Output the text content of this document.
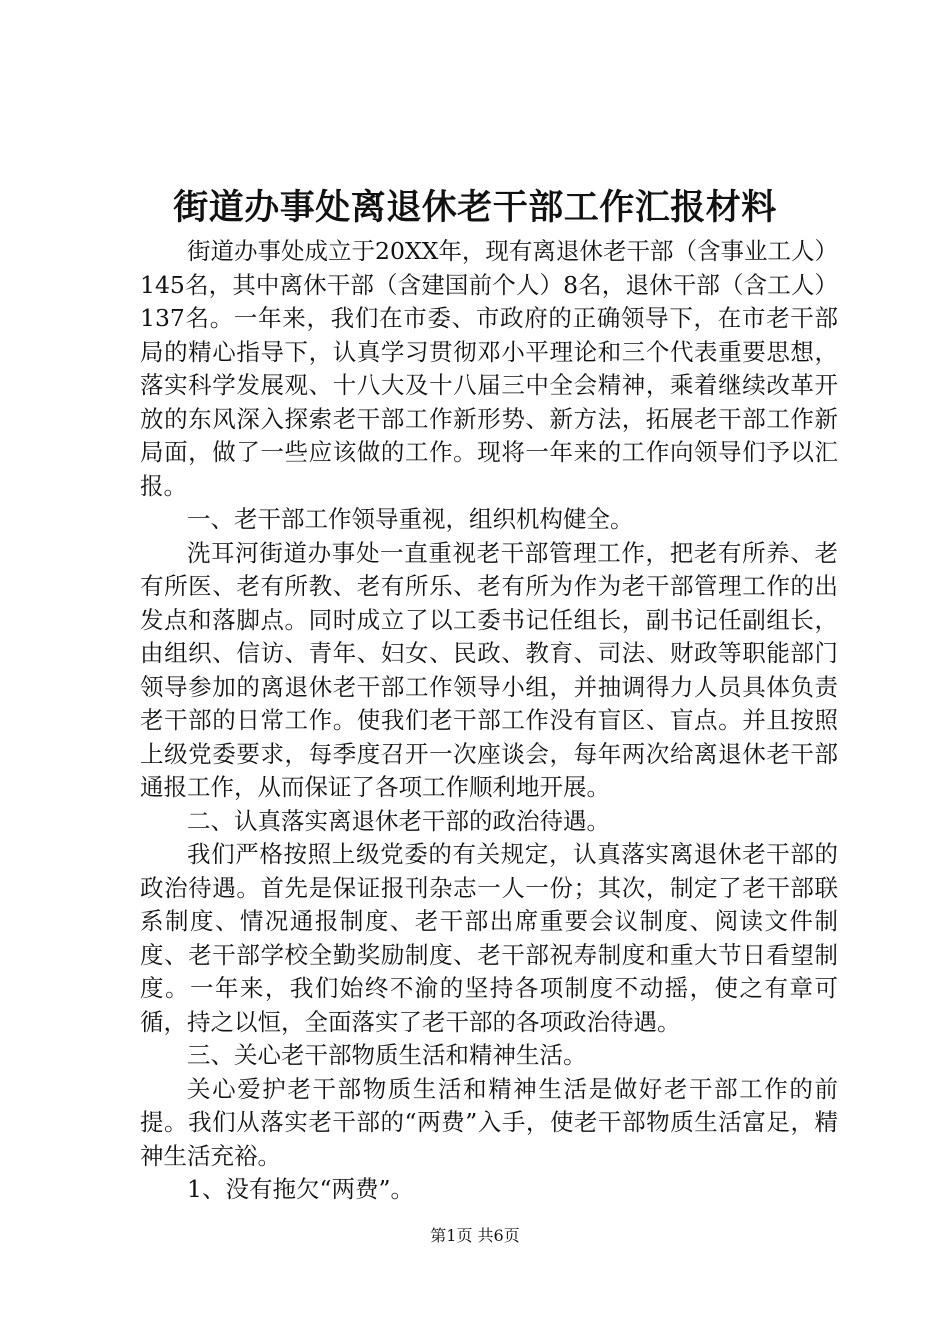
街道办事处离退休老干部工作汇报材料

街道办事处成立于20XX年，现有离退休老干部（含事业工人）145名，其中离休干部（含建国前个人）8名，退休干部（含工人）137名。一年来，我们在市委、市政府的正确领导下，在市老干部局的精心指导下，认真学习贯彻邓小平理论和三个代表重要思想，落实科学发展观、十八大及十八届三中全会精神，乘着继续改革开放的东风深入探索老干部工作新形势、新方法，拓展老干部工作新局面，做了一些应该做的工作。现将一年来的工作向领导们予以汇报。

一、老干部工作领导重视，组织机构健全。

洗耳河街道办事处一直重视老干部管理工作，把老有所养、老有所医、老有所教、老有所乐、老有所为作为老干部管理工作的出发点和落脚点。同时成立了以工委书记任组长，副书记任副组长，由组织、信访、青年、妇女、民政、教育、司法、财政等职能部门领导参加的离退休老干部工作领导小组，并抽调得力人员具体负责老干部的日常工作。使我们老干部工作没有盲区、盲点。并且按照上级党委要求，每季度召开一次座谈会，每年两次给离退休老干部通报工作，从而保证了各项工作顺利地开展。

二、认真落实离退休老干部的政治待遇。

我们严格按照上级党委的有关规定，认真落实离退休老干部的政治待遇。首先是保证报刊杂志一人一份；其次，制定了老干部联系制度、情况通报制度、老干部出席重要会议制度、阅读文件制度、老干部学校全勤奖励制度、老干部祝寿制度和重大节日看望制度。一年来，我们始终不渝的坚持各项制度不动摇，使之有章可循，持之以恒，全面落实了老干部的各项政治待遇。

三、关心老干部物质生活和精神生活。

关心爱护老干部物质生活和精神生活是做好老干部工作的前提。我们从落实老干部的“两费”入手，使老干部物质生活富足，精神生活充裕。

1、没有拖欠“两费”。

第1页 共6页
